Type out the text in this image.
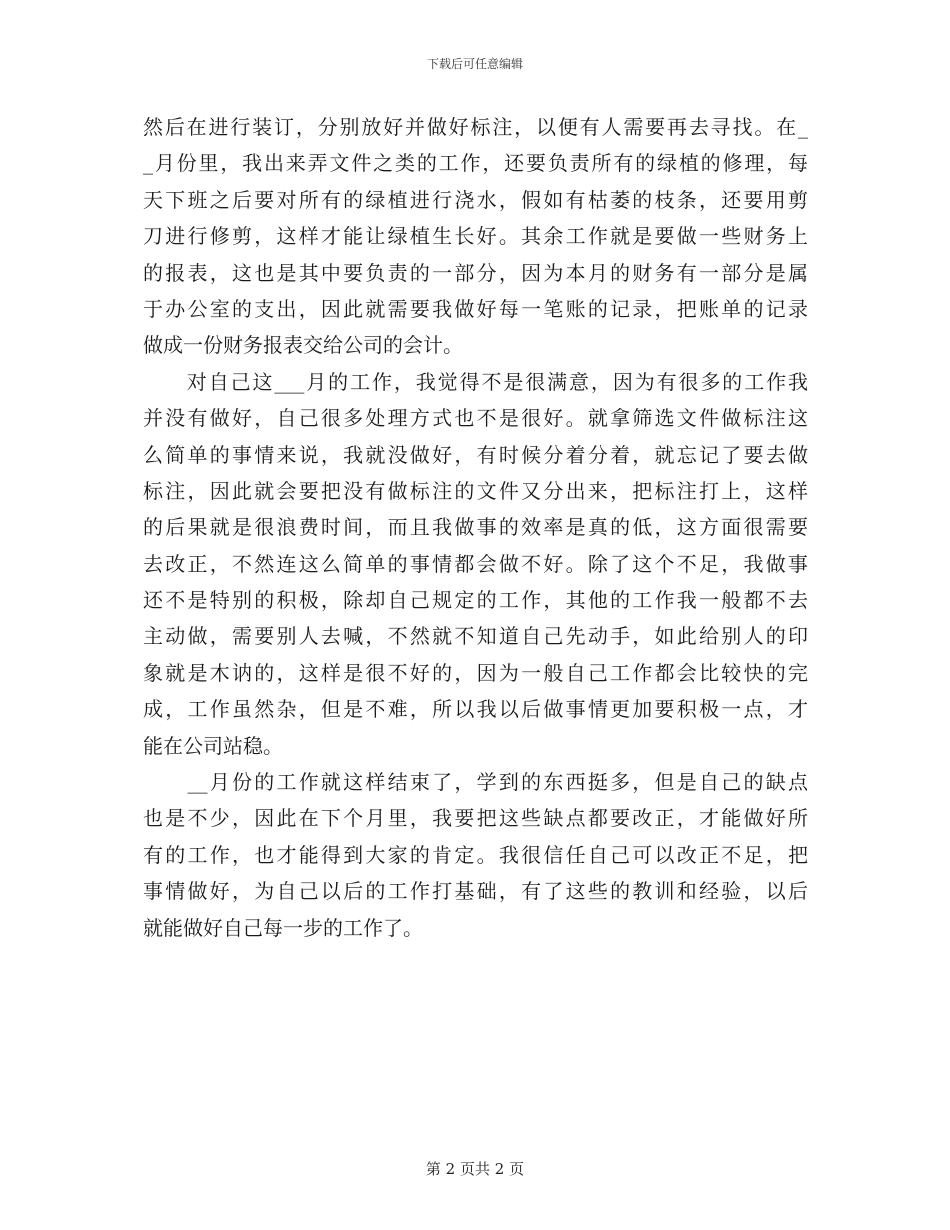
下载后可任意编辑
然后在进行装订，分别放好并做好标注，以便有人需要再去寻找。在_
_月份里，我出来弄文件之类的工作，还要负责所有的绿植的修理，每
天下班之后要对所有的绿植进行浇水，假如有枯萎的枝条，还要用剪
刀进行修剪，这样才能让绿植生长好。其余工作就是要做一些财务上
的报表，这也是其中要负责的一部分，因为本月的财务有一部分是属
于办公室的支出，因此就需要我做好每一笔账的记录，把账单的记录
做成一份财务报表交给公司的会计。
　　对自己这___月的工作，我觉得不是很满意，因为有很多的工作我
并没有做好，自己很多处理方式也不是很好。就拿筛选文件做标注这
么简单的事情来说，我就没做好，有时候分着分着，就忘记了要去做
标注，因此就会要把没有做标注的文件又分出来，把标注打上，这样
的后果就是很浪费时间，而且我做事的效率是真的低，这方面很需要
去改正，不然连这么简单的事情都会做不好。除了这个不足，我做事
还不是特别的积极，除却自己规定的工作，其他的工作我一般都不去
主动做，需要别人去喊，不然就不知道自己先动手，如此给别人的印
象就是木讷的，这样是很不好的，因为一般自己工作都会比较快的完
成，工作虽然杂，但是不难，所以我以后做事情更加要积极一点，才
能在公司站稳。
　　__月份的工作就这样结束了，学到的东西挺多，但是自己的缺点
也是不少，因此在下个月里，我要把这些缺点都要改正，才能做好所
有的工作，也才能得到大家的肯定。我很信任自己可以改正不足，把
事情做好，为自己以后的工作打基础，有了这些的教训和经验，以后
就能做好自己每一步的工作了。
第 2 页共 2 页
